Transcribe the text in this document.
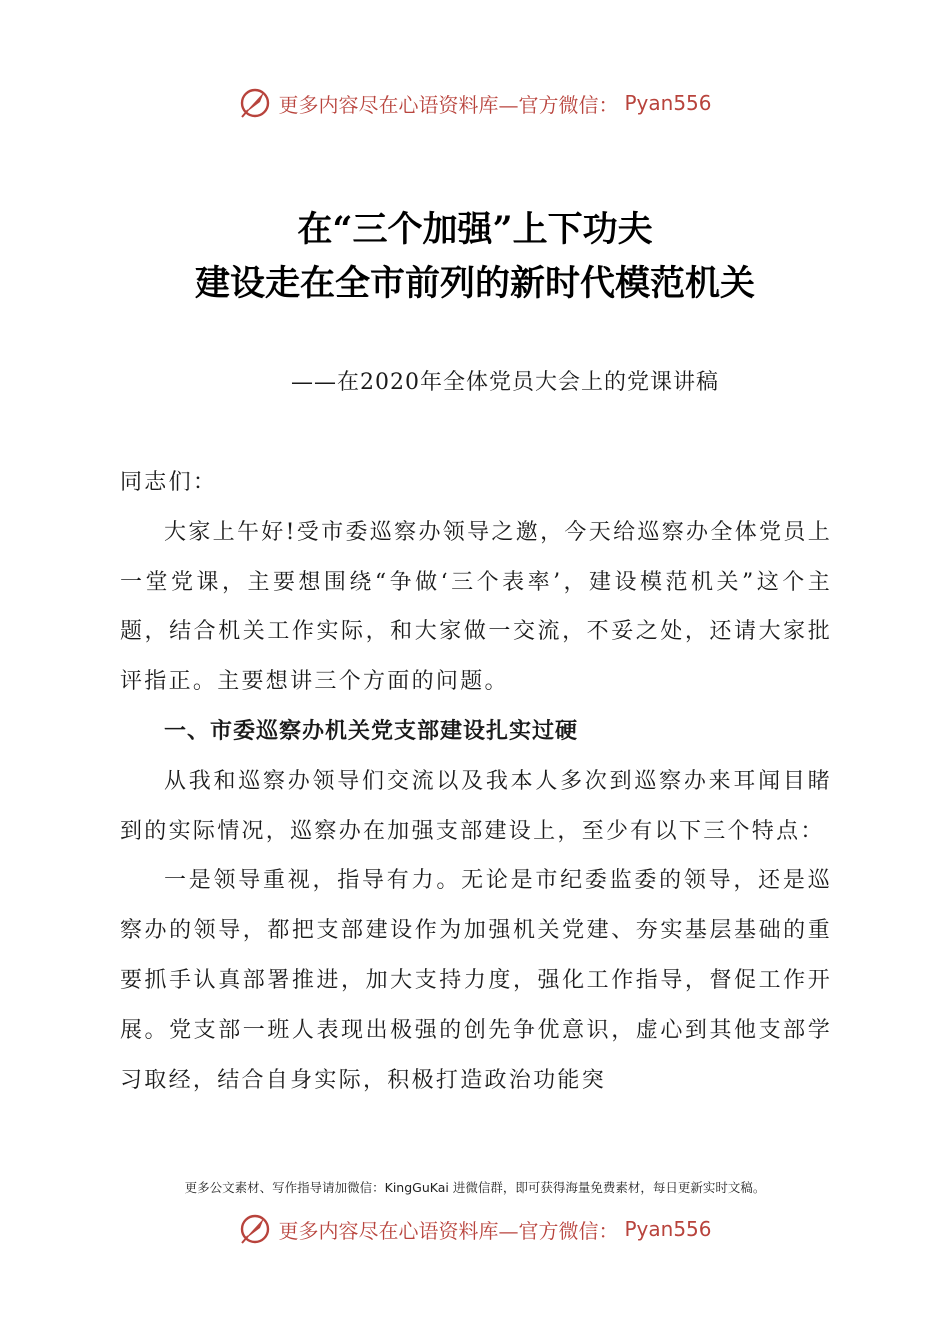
更多内容尽在心语资料库—官方微信： Pyan556
在“三个加强”上下功夫
建设走在全市前列的新时代模范机关
——在2020年全体党员大会上的党课讲稿

同志们：

大家上午好!受市委巡察办领导之邀，今天给巡察办全体党员上一堂党课，主要想围绕“争做‘三个表率’，建设模范机关”这个主题，结合机关工作实际，和大家做一交流，不妥之处，还请大家批评指正。主要想讲三个方面的问题。

一、市委巡察办机关党支部建设扎实过硬

从我和巡察办领导们交流以及我本人多次到巡察办来耳闻目睹到的实际情况，巡察办在加强支部建设上，至少有以下三个特点：

一是领导重视，指导有力。无论是市纪委监委的领导，还是巡察办的领导，都把支部建设作为加强机关党建、夯实基层基础的重要抓手认真部署推进，加大支持力度，强化工作指导，督促工作开展。党支部一班人表现出极强的创先争优意识，虚心到其他支部学习取经，结合自身实际，积极打造政治功能突

更多公文素材、写作指导请加微信：KingGuKai 进微信群，即可获得海量免费素材，每日更新实时文稿。
更多内容尽在心语资料库—官方微信： Pyan556
